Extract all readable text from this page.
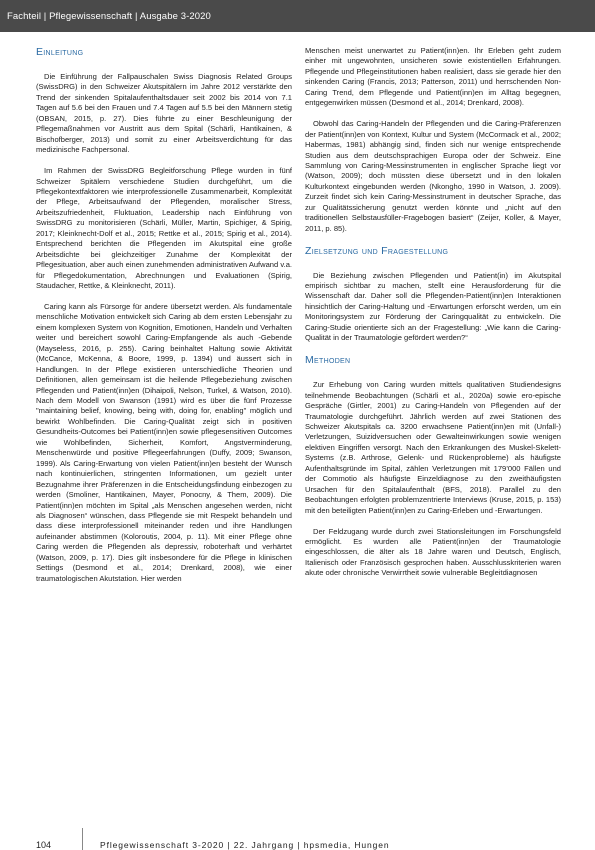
Fachteil | Pflegewissenschaft | Ausgabe 3-2020
Einleitung

Die Einführung der Fallpauschalen Swiss Diagnosis Related Groups (SwissDRG) in den Schweizer Akutspitälern im Jahre 2012 verstärkte den Trend der sinkenden Spitalaufenthaltsdauer seit 2002 bis 2014 von 7.1 Tagen auf 5.6 bei den Frauen und 7.4 Tagen auf 5.5 bei den Männern stetig (OBSAN, 2015, p. 27). Dies führte zu einer Beschleunigung der Pflegemaßnahmen vor Austritt aus dem Spital (Schärli, Hantikainen, & Bischofberger, 2013) und somit zu einer Arbeitsverdichtung für das medizinische Fachpersonal.

Im Rahmen der SwissDRG Begleitforschung Pflege wurden in fünf Schweizer Spitälern verschiedene Studien durchgeführt, um die Pflegekontextfaktoren wie interprofessionelle Zusammenarbeit, Komplexität der Pflege, Arbeitsaufwand der Pflegenden, moralischer Stress, Arbeitszufriedenheit, Fluktuation, Leadership nach Einführung von SwissDRG zu monitorisieren (Schärli, Müller, Martin, Spichiger, & Spirig, 2017; Kleinknecht-Dolf et al., 2015; Rettke et al., 2015; Spirig et al., 2014). Entsprechend berichten die Pflegenden im Akutspital eine große Arbeitsdichte bei gleichzeitiger Zunahme der Komplexität der Pflegesituation, aber auch einen zunehmenden administrativen Aufwand v.a. für Pflegedokumentation, Abrechnungen und Evaluationen (Spirig, Staudacher, Rettke, & Kleinknecht, 2011).

Caring kann als Fürsorge für andere übersetzt werden. Als fundamentale menschliche Motivation entwickelt sich Caring ab dem ersten Lebensjahr zu einem komplexen System von Kognition, Emotionen, Handeln und Verhalten weiter und bereichert sowohl Caring-Empfangende als auch -Gebende (Mayseless, 2016, p. 255). Caring beinhaltet Haltung sowie Aktivität (McCance, McKenna, & Boore, 1999, p. 1394) und äussert sich in Handlungen. In der Pflege existieren unterschiedliche Theorien und Definitionen, allen gemeinsam ist die heilende Pflegebeziehung zwischen Pflegenden und Patient(inn)en (Dihaipoli, Nelson, Turkel, & Watson, 2010). Nach dem Modell von Swanson (1991) wird es über die fünf Prozesse "maintaining belief, knowing, being with, doing for, enabling" möglich und bewirkt Wohlbefinden. Die Caring-Qualität zeigt sich in positiven Gesundheits-Outcomes bei Patient(inn)en sowie pflegesensitiven Outcomes wie Wohlbefinden, Sicherheit, Komfort, Angstverminderung, Menschenwürde und positive Pflegeerfahrungen (Duffy, 2009; Swanson, 1999). Als Caring-Erwartung von vielen Patient(inn)en besteht der Wunsch nach kontinuierlichen, stringenten Informationen, um gezielt unter Bezugnahme ihrer Präferenzen in die Entscheidungsfindung einbezogen zu werden (Smoliner, Hantikainen, Mayer, Ponocny, & Them, 2009). Die Patient(inn)en möchten im Spital „als Menschen angesehen werden, nicht als Diagnosen“ wünschen, dass Pflegende sie mit Respekt behandeln und dass diese interprofessionell miteinander reden und ihre Handlungen aufeinander abstimmen (Koloroutis, 2004, p. 11). Mit einer Pflege ohne Caring werden die Pflegenden als depressiv, roboterhaft und verhärtet (Watson, 2009, p. 17). Dies gilt insbesondere für die Pflege in klinischen Settings (Desmond et al., 2014; Drenkard, 2008), wie einer traumatologischen Akutstation. Hier werden

Menschen meist unerwartet zu Patient(inn)en. Ihr Erleben geht zudem einher mit ungewohnten, unsicheren sowie existentiellen Erfahrungen. Pflegende und Pflegeinstitutionen haben realisiert, dass sie gerade hier den sinkenden Caring (Francis, 2013; Patterson, 2011) und herrschenden Non-Caring Trend, dem Pflegende und Patient(inn)en im Alltag begegnen, entgegenwirken müssen (Desmond et al., 2014; Drenkard, 2008).

Obwohl das Caring-Handeln der Pflegenden und die Caring-Präferenzen der Patient(inn)en von Kontext, Kultur und System (McCormack et al., 2002; Habermas, 1981) abhängig sind, finden sich nur wenige entsprechende Studien aus dem deutschsprachigen Europa oder der Schweiz. Eine Sammlung von Caring-Messinstrumenten in englischer Sprache liegt vor (Watson, 2009); doch müssten diese übersetzt und in den lokalen Kulturkontext eingebunden werden (Nkongho, 1990 in Watson, J. 2009). Zurzeit findet sich kein Caring-Messinstrument in deutscher Sprache, das zur Qualitätssicherung genutzt werden könnte und „nicht auf den traditionellen Selbstausfüller-Fragebogen basiert“ (Zeijer, Koller, & Mayer, 2011, p. 85).

Zielsetzung und Fragestellung

Die Beziehung zwischen Pflegenden und Patient(in) im Akutspital empirisch sichtbar zu machen, stellt eine Herausforderung für die Wissenschaft dar. Daher soll die Pflegenden-Patient(inn)en Interaktionen hinsichtlich der Caring-Haltung und -Erwartungen erforscht werden, um ein Monitoringsystem zur Förderung der Caringqualität zu entwickeln. Die Caring-Studie orientierte sich an der Fragestellung: „Wie kann die Caring-Qualität in der Traumatologie gefördert werden?“

Methoden

Zur Erhebung von Caring wurden mittels qualitativen Studiendesigns teilnehmende Beobachtungen (Schärli et al., 2020a) sowie ero-epische Gespräche (Girtler, 2001) zu Caring-Handeln von Pflegenden auf der Traumatologie durchgeführt. Jährlich werden auf zwei Stationen des Schweizer Akutspitals ca. 3200 erwachsene Patient(inn)en mit (Unfall-) Verletzungen, Suizidversuchen oder Gewalteinwirkungen sowie wenigen elektiven Eingriffen versorgt. Nach den Erkrankungen des Muskel-Skelett-Systems (z.B. Arthrose, Gelenk- und Rückenprobleme) als häufigste Aufenthaltsgründe im Spital, zählen Verletzungen mit 179’000 Fällen und der Commotio als häufigste Einzeldiagnose zu den zweithäufigsten Ursachen für den Spitalaufenthalt (BFS, 2018). Parallel zu den Beobachtungen erfolgten problemzentrierte Interviews (Kruse, 2015, p. 153) mit den beteiligten Patient(inn)en zu Caring-Erleben und -Erwartungen.

Der Feldzugang wurde durch zwei Stationsleitungen im Forschungsfeld ermöglicht. Es wurden alle Patient(inn)en der Traumatologie eingeschlossen, die älter als 18 Jahre waren und Deutsch, Englisch, Italienisch oder Französisch gesprochen haben. Ausschlusskriterien waren akute oder chronische Verwirrtheit sowie vulnerable Begleitdiagnosen

104	Pflegewissenschaft 3-2020 | 22. Jahrgang | hpsmedia, Hungen
